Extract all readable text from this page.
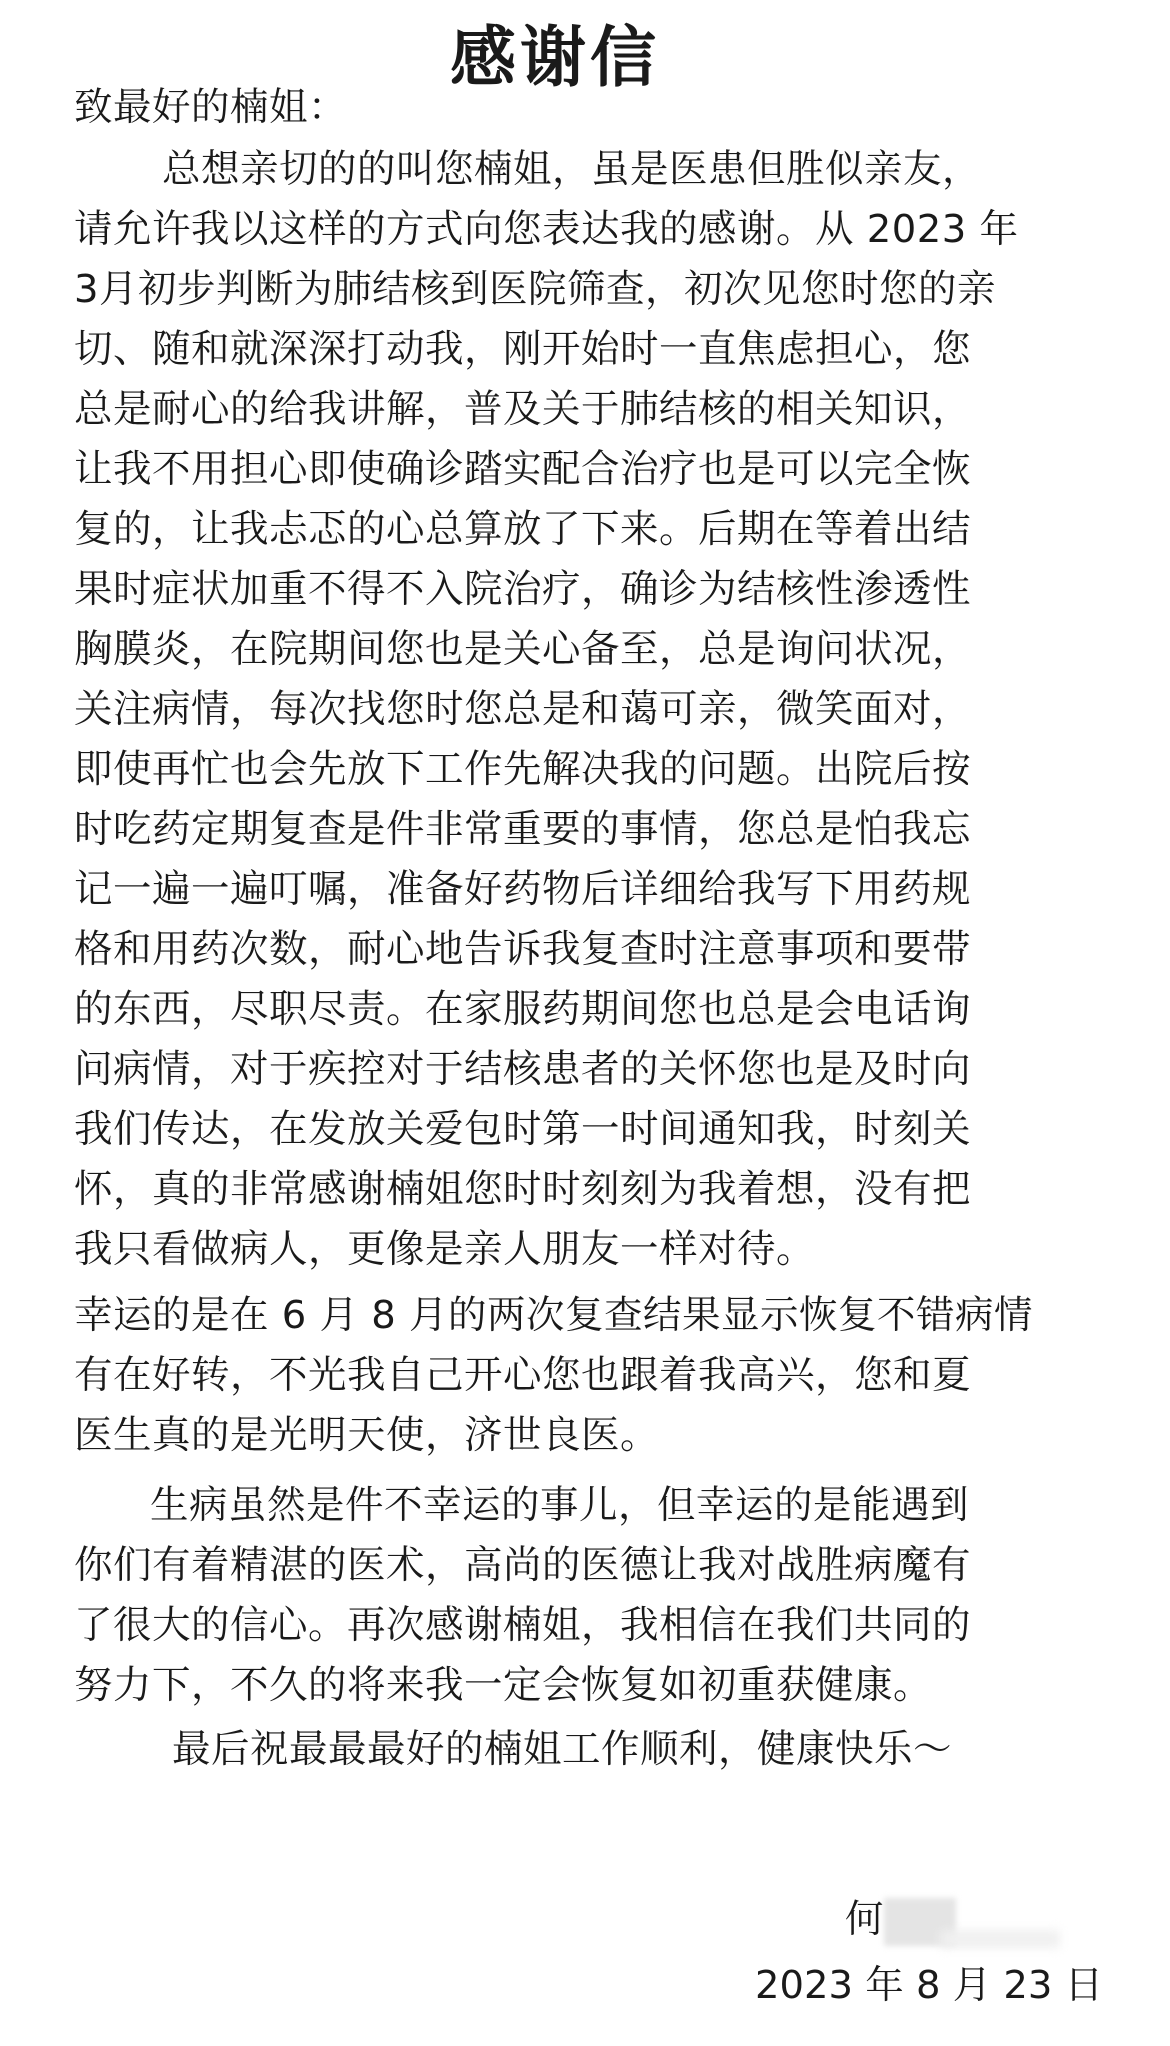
感谢信
致最好的楠姐：
总想亲切的的叫您楠姐，虽是医患但胜似亲友，
请允许我以这样的方式向您表达我的感谢。从 2023 年
3月初步判断为肺结核到医院筛查，初次见您时您的亲
切、随和就深深打动我，刚开始时一直焦虑担心，您
总是耐心的给我讲解，普及关于肺结核的相关知识，
让我不用担心即使确诊踏实配合治疗也是可以完全恢
复的，让我忐忑的心总算放了下来。后期在等着出结
果时症状加重不得不入院治疗，确诊为结核性渗透性
胸膜炎，在院期间您也是关心备至，总是询问状况，
关注病情，每次找您时您总是和蔼可亲，微笑面对，
即使再忙也会先放下工作先解决我的问题。出院后按
时吃药定期复查是件非常重要的事情，您总是怕我忘
记一遍一遍叮嘱，准备好药物后详细给我写下用药规
格和用药次数，耐心地告诉我复查时注意事项和要带
的东西，尽职尽责。在家服药期间您也总是会电话询
问病情，对于疾控对于结核患者的关怀您也是及时向
我们传达，在发放关爱包时第一时间通知我，时刻关
怀，真的非常感谢楠姐您时时刻刻为我着想，没有把
我只看做病人，更像是亲人朋友一样对待。
幸运的是在 6 月 8 月的两次复查结果显示恢复不错病情
有在好转，不光我自己开心您也跟着我高兴，您和夏
医生真的是光明天使，济世良医。
生病虽然是件不幸运的事儿，但幸运的是能遇到
你们有着精湛的医术，高尚的医德让我对战胜病魔有
了很大的信心。再次感谢楠姐，我相信在我们共同的
努力下，不久的将来我一定会恢复如初重获健康。
最后祝最最最好的楠姐工作顺利，健康快乐～
何
2023 年 8 月 23 日
